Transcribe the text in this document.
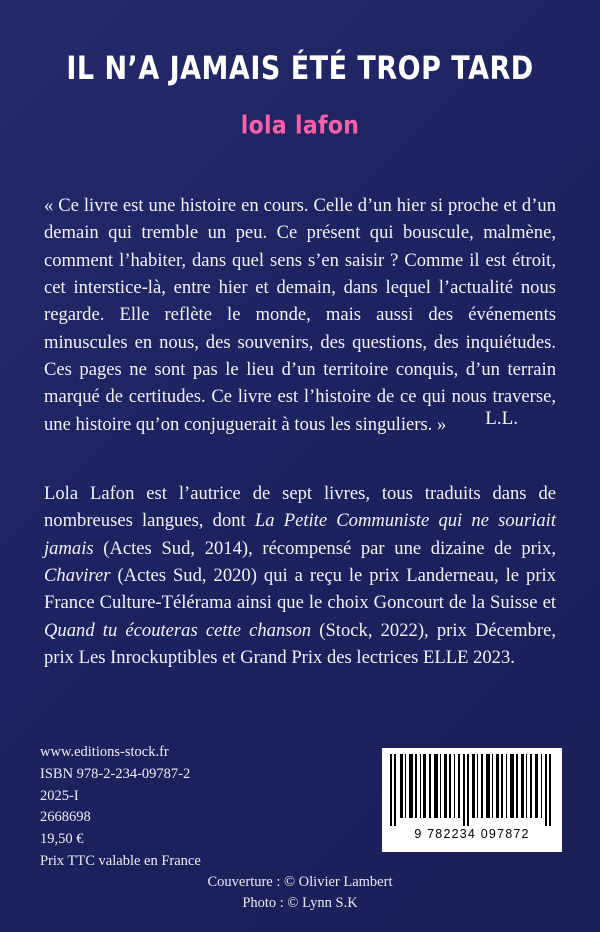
IL N’A JAMAIS ÉTÉ TROP TARD
lola lafon
« Ce livre est une histoire en cours. Celle d’un hier si proche et d’un demain qui tremble un peu. Ce présent qui bouscule, malmène, comment l’habiter, dans quel sens s’en saisir ? Comme il est étroit, cet interstice-là, entre hier et demain, dans lequel l’actualité nous regarde. Elle reflète le monde, mais aussi des événements minuscules en nous, des souvenirs, des questions, des inquiétudes. Ces pages ne sont pas le lieu d’un territoire conquis, d’un terrain marqué de certitudes. Ce livre est l’histoire de ce qui nous traverse, une histoire qu’on conjuguerait à tous les singuliers. »	L.L.
Lola Lafon est l’autrice de sept livres, tous traduits dans de nombreuses langues, dont La Petite Communiste qui ne souriait jamais (Actes Sud, 2014), récompensé par une dizaine de prix, Chavirer (Actes Sud, 2020) qui a reçu le prix Landerneau, le prix France Culture-Télérama ainsi que le choix Goncourt de la Suisse et Quand tu écouteras cette chanson (Stock, 2022), prix Décembre, prix Les Inrockuptibles et Grand Prix des lectrices ELLE 2023.
www.editions-stock.fr
ISBN 978-2-234-09787-2
2025-I
2668698
19,50 €
Prix TTC valable en France
9 782234 097872
Couverture : © Olivier Lambert
Photo : © Lynn S.K
